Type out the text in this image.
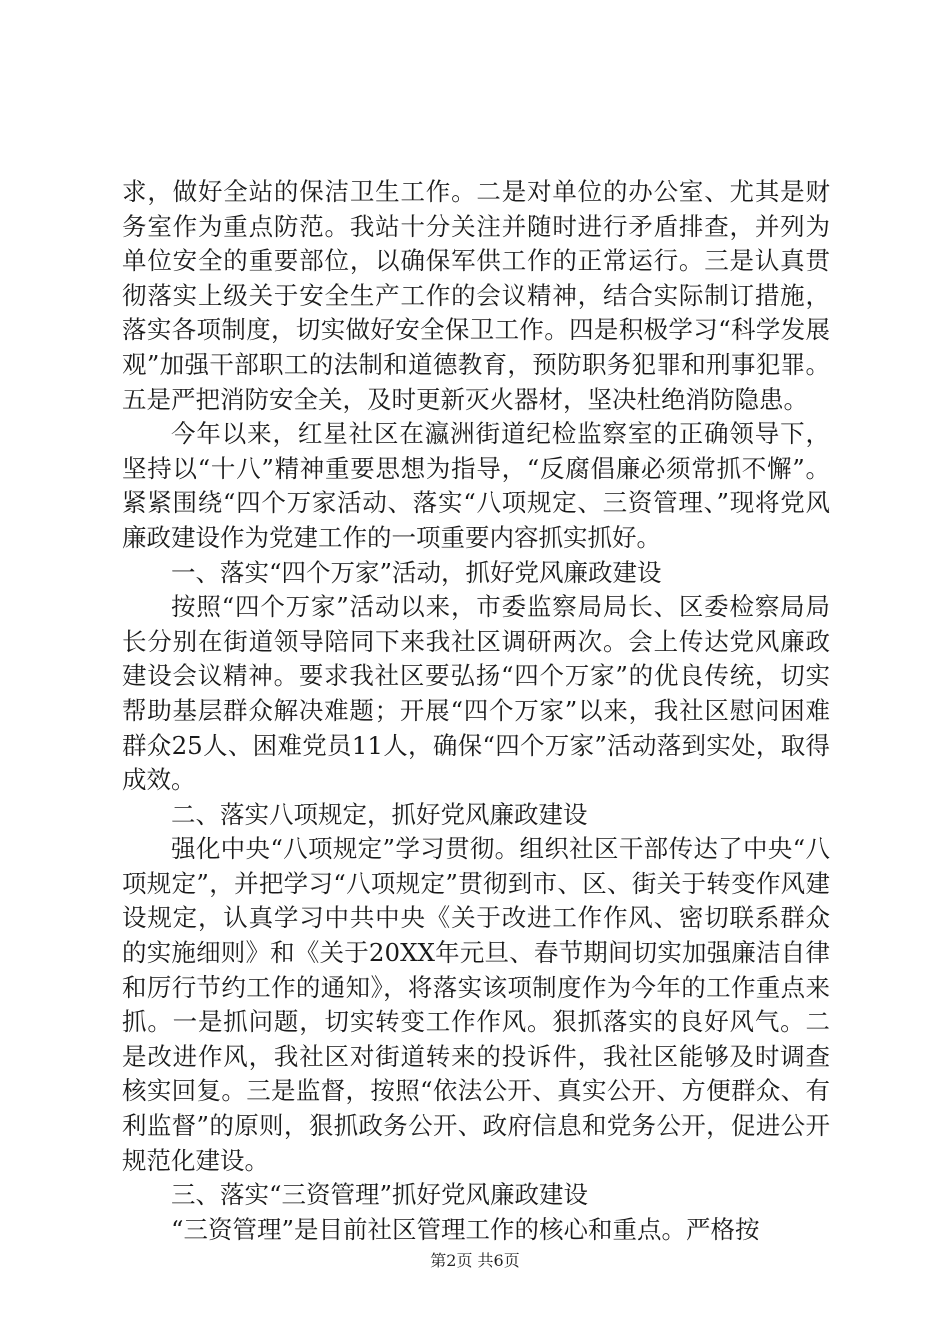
求，做好全站的保洁卫生工作。二是对单位的办公室、尤其是财务室作为重点防范。我站十分关注并随时进行矛盾排查，并列为单位安全的重要部位，以确保军供工作的正常运行。三是认真贯彻落实上级关于安全生产工作的会议精神，结合实际制订措施，落实各项制度，切实做好安全保卫工作。四是积极学习“科学发展观”加强干部职工的法制和道德教育，预防职务犯罪和刑事犯罪。五是严把消防安全关，及时更新灭火器材，坚决杜绝消防隐患。

今年以来，红星社区在瀛洲街道纪检监察室的正确领导下，坚持以“十八”精神重要思想为指导，“反腐倡廉必须常抓不懈”。紧紧围绕“四个万家活动、落实“八项规定、三资管理、”现将党风廉政建设作为党建工作的一项重要内容抓实抓好。

一、落实“四个万家”活动，抓好党风廉政建设

按照“四个万家”活动以来，市委监察局局长、区委检察局局长分别在街道领导陪同下来我社区调研两次。会上传达党风廉政建设会议精神。要求我社区要弘扬“四个万家”的优良传统，切实帮助基层群众解决难题；开展“四个万家”以来，我社区慰问困难群众25人、困难党员11人，确保“四个万家”活动落到实处，取得成效。

二、落实八项规定，抓好党风廉政建设

强化中央“八项规定”学习贯彻。组织社区干部传达了中央“八项规定”，并把学习“八项规定”贯彻到市、区、街关于转变作风建设规定，认真学习中共中央《关于改进工作作风、密切联系群众的实施细则》和《关于20XX年元旦、春节期间切实加强廉洁自律和厉行节约工作的通知》，将落实该项制度作为今年的工作重点来抓。一是抓问题，切实转变工作作风。狠抓落实的良好风气。二是改进作风，我社区对街道转来的投诉件，我社区能够及时调查核实回复。三是监督，按照“依法公开、真实公开、方便群众、有利监督”的原则，狠抓政务公开、政府信息和党务公开，促进公开规范化建设。

三、落实“三资管理”抓好党风廉政建设

“三资管理”是目前社区管理工作的核心和重点。严格按

第2页 共6页
